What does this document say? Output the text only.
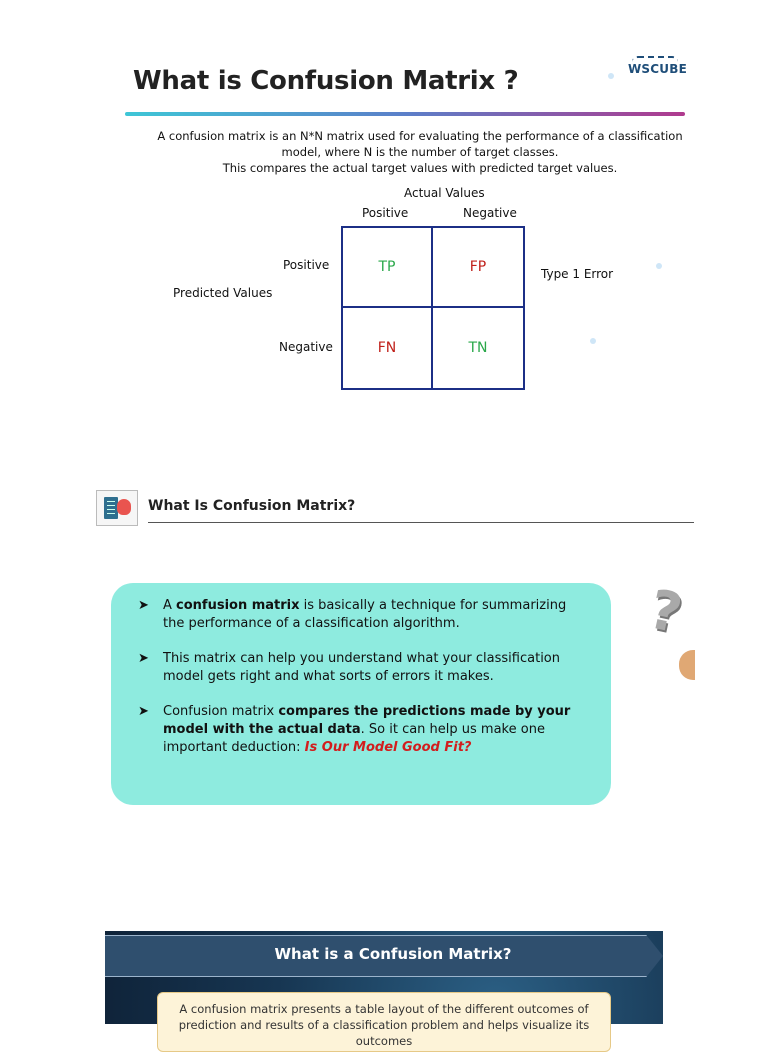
What is Confusion Matrix ?	WSCUBE

A confusion matrix is an N*N matrix used for evaluating the performance of a classification
model, where N is the number of target classes.
This compares the actual target values with predicted target values.

Actual Values
Positive	Negative
Positive
Negative
Predicted Values
TP	FP
FN	TN
Type 1 Error
What Is Confusion Matrix?
➤ A confusion matrix is basically a technique for summarizing the performance of a classification algorithm.
➤ This matrix can help you understand what your classification model gets right and what sorts of errors it makes.
➤ Confusion matrix compares the predictions made by your model with the actual data. So it can help us make one important deduction: Is Our Model Good Fit?
?
What is a Confusion Matrix?
A confusion matrix presents a table layout of the different outcomes of prediction and results of a classification problem and helps visualize its outcomes
